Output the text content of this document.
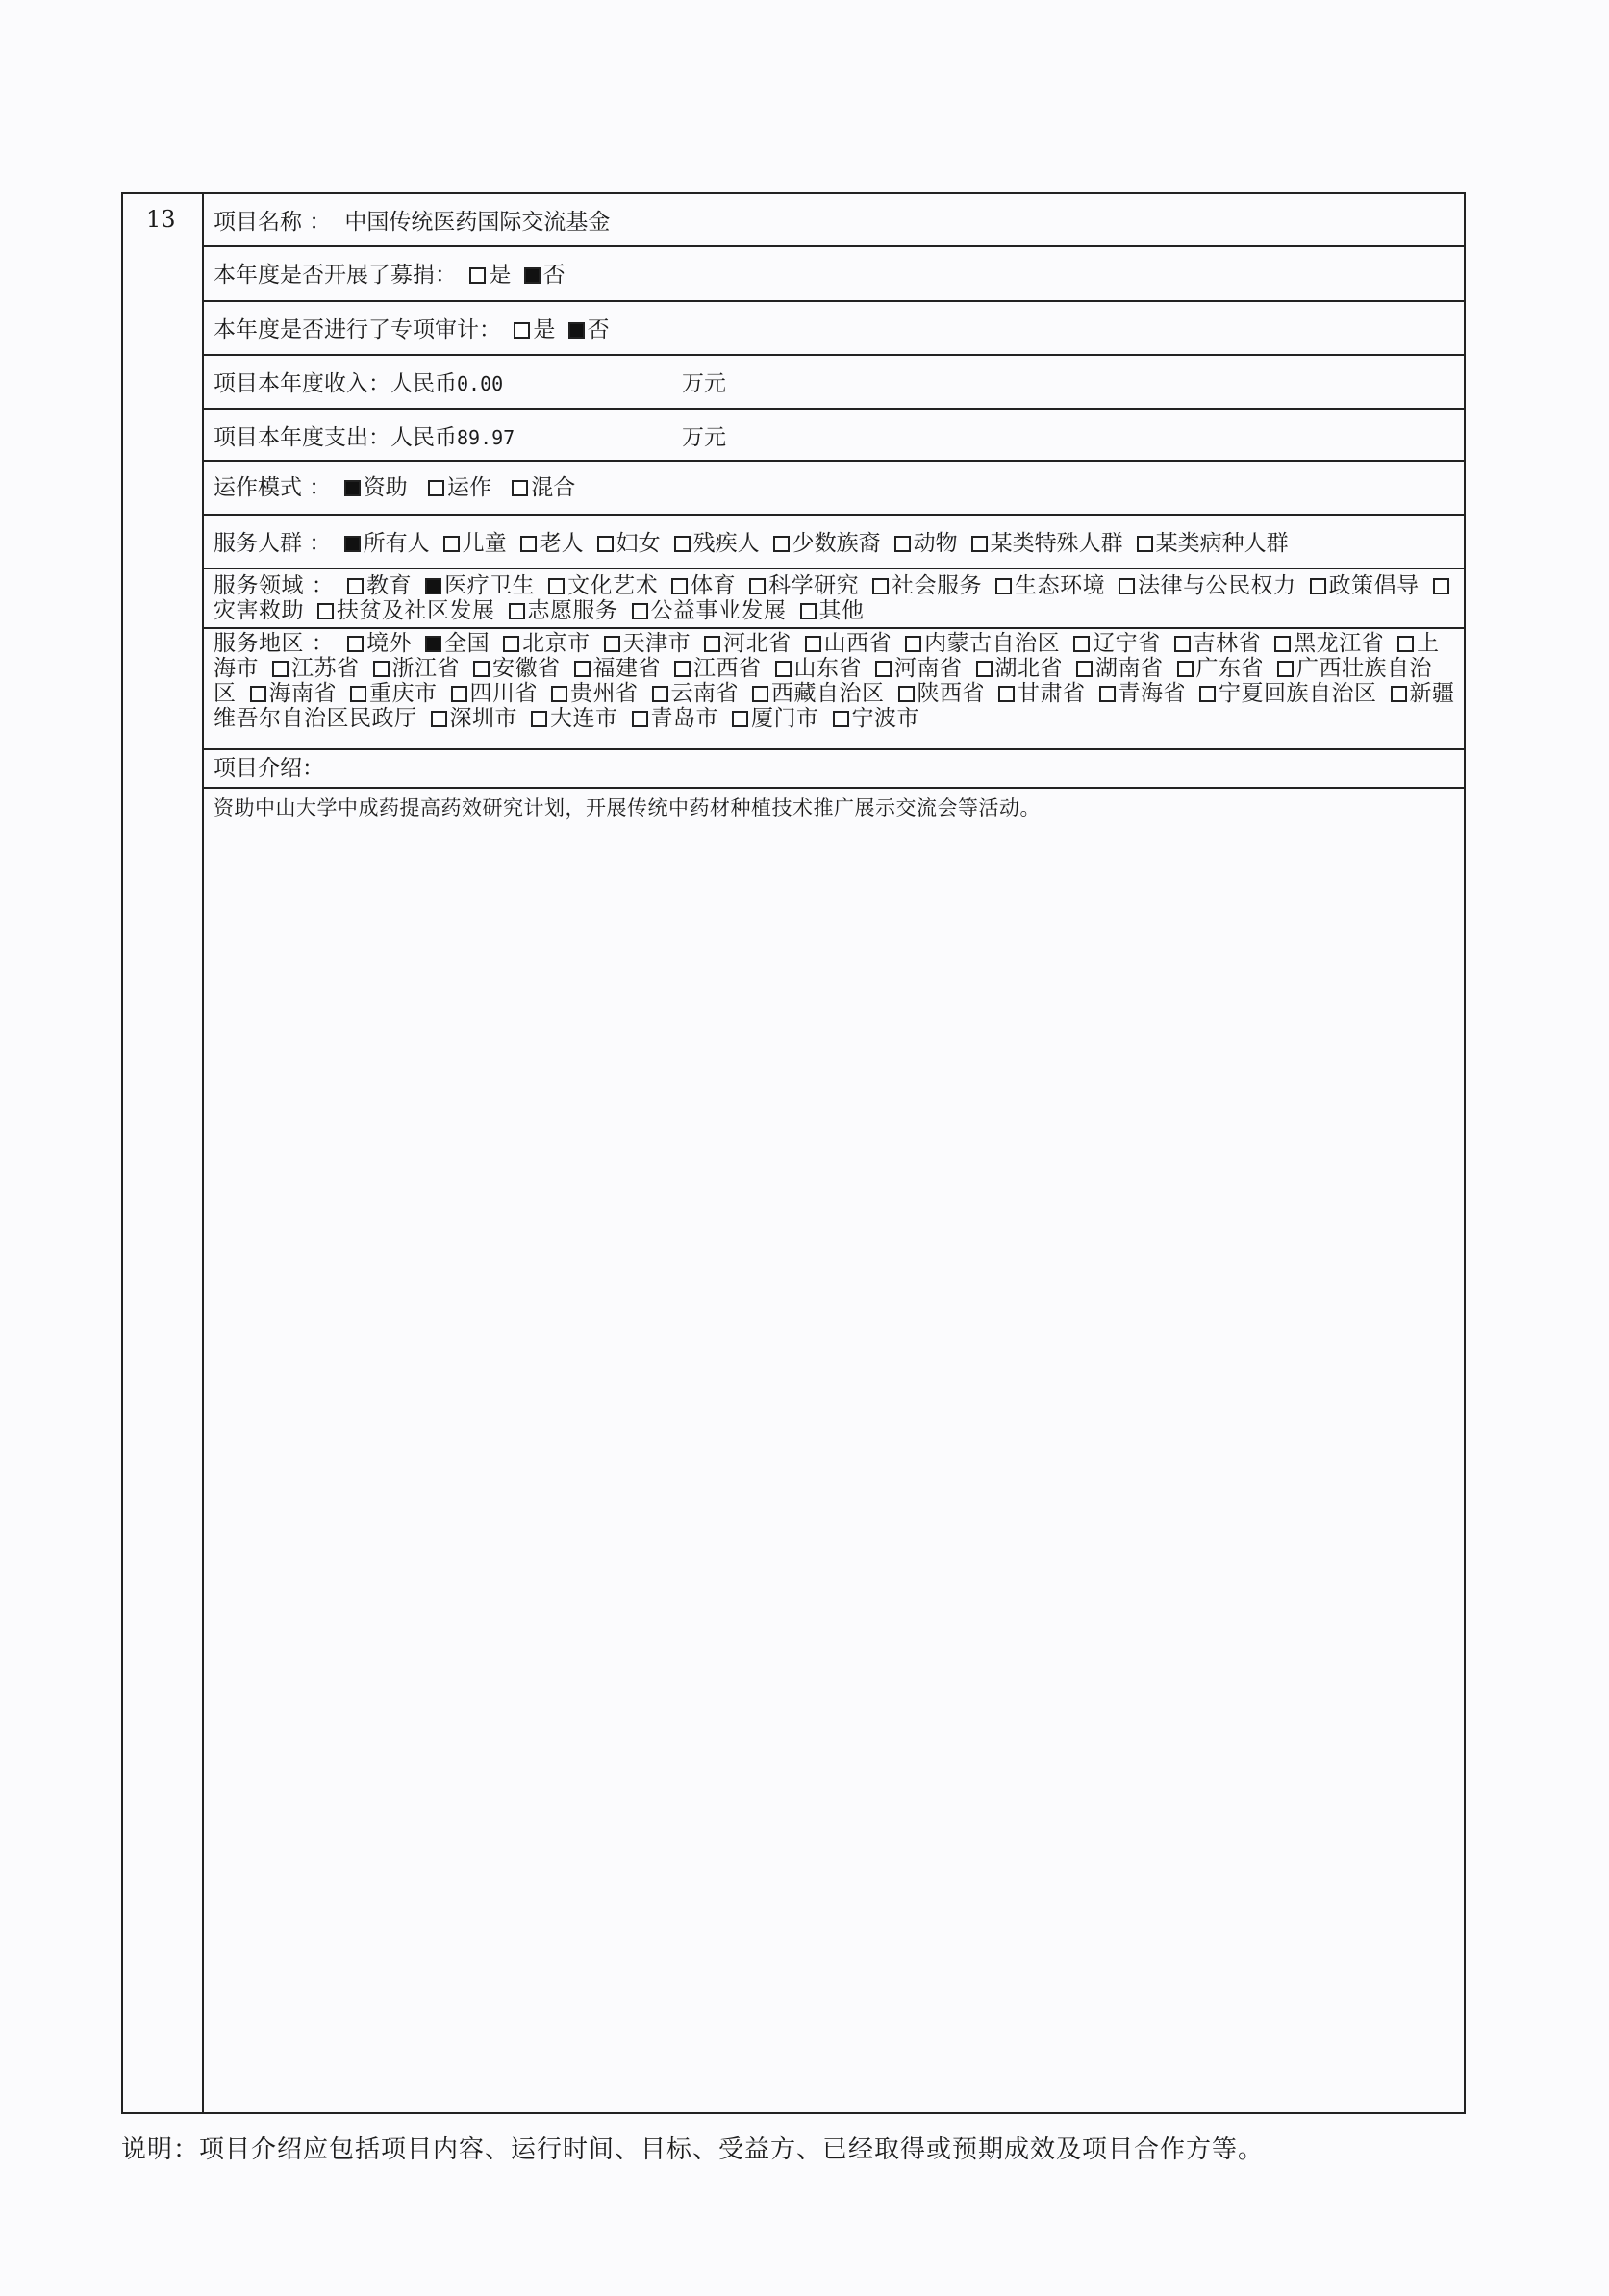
13	项目名称 ： 中国传统医药国际交流基金
本年度是否开展了募捐： 是 否
本年度是否进行了专项审计： 是 否
项目本年度收入：人民币0.00	万元
项目本年度支出：人民币89.97	万元
运作模式 ： 资助 运作 混合
服务人群 ： 所有人 儿童 老人 妇女 残疾人 少数族裔 动物 某类特殊人群 某类病种人群
服务领域 ： 教育 医疗卫生 文化艺术 体育 科学研究 社会服务 生态环境 法律与公民权力 政策倡导灾害救助 扶贫及社区发展 志愿服务 公益事业发展 其他
服务地区 ： 境外 全国 北京市 天津市 河北省 山西省 内蒙古自治区 辽宁省 吉林省 黑龙江省 上海市 江苏省 浙江省 安徽省 福建省 江西省 山东省 河南省 湖北省 湖南省 广东省 广西壮族自治区 海南省 重庆市 四川省 贵州省 云南省 西藏自治区 陕西省 甘肃省 青海省 宁夏回族自治区 新疆维吾尔自治区民政厅 深圳市 大连市 青岛市 厦门市 宁波市
项目介绍：
资助中山大学中成药提高药效研究计划，开展传统中药材种植技术推广展示交流会等活动。
说明：项目介绍应包括项目内容、运行时间、目标、受益方、已经取得或预期成效及项目合作方等。
